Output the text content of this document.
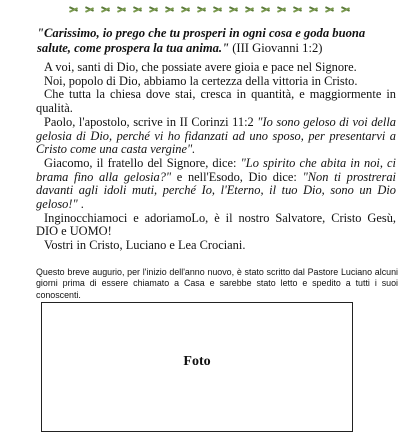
"Carissimo, io prego che tu prosperi in ogni cosa e goda buona salute, come prospera la tua anima." (III Giovanni 1:2)

A voi, santi di Dio, che possiate avere gioia e pace nel Signore.

Noi, popolo di Dio, abbiamo la certezza della vittoria in Cristo.

Che tutta la chiesa dove stai, cresca in quantità, e maggiormente in qualità.

Paolo, l'apostolo, scrive in II Corinzi 11:2 "Io sono geloso di voi della gelosia di Dio, perché vi ho fidanzati ad uno sposo, per presentarvi a Cristo come una casta vergine".

Giacomo, il fratello del Signore, dice: "Lo spirito che abita in noi, ci brama fino alla gelosia?" e nell'Esodo, Dio dice: "Non ti prostrerai davanti agli idoli muti, perché Io, l'Eterno, il tuo Dio, sono un Dio geloso!" .

Inginocchiamoci e adoriamoLo, è il nostro Salvatore, Cristo Gesù, DIO e UOMO!

Vostri in Cristo, Luciano e Lea Crociani.

Questo breve augurio, per l'inizio dell'anno nuovo, è stato scritto dal Pastore Luciano alcuni giorni prima di essere chiamato a Casa e sarebbe stato letto e spedito a tutti i suoi conoscenti.
Foto
